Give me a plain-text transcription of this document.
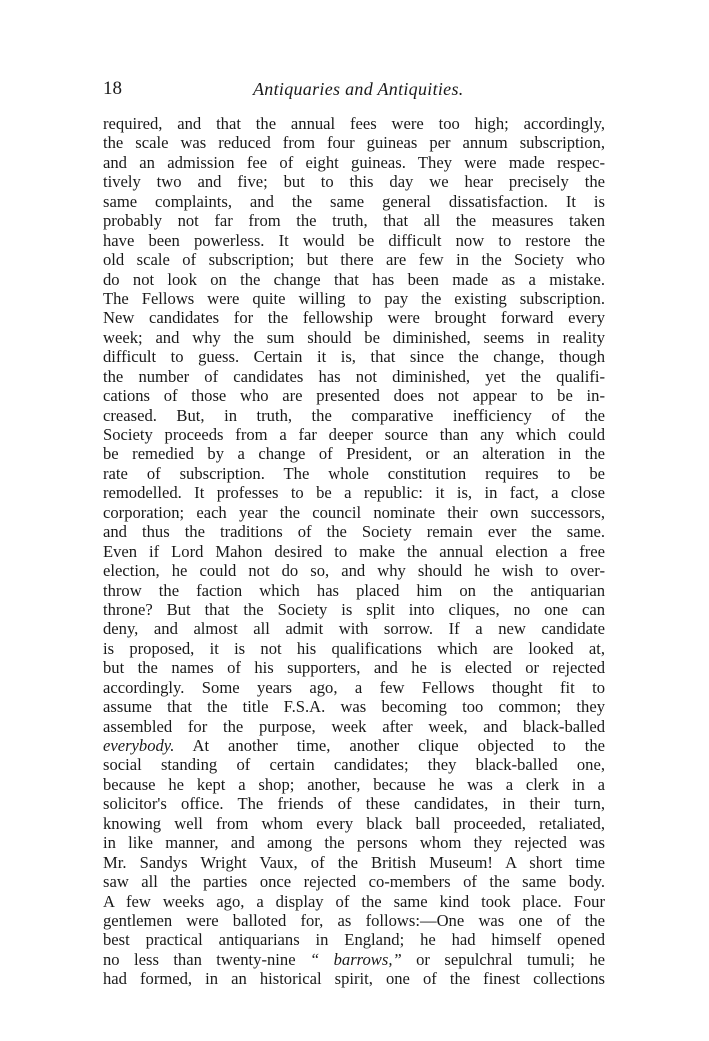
18	Antiquaries and Antiquities.
required, and that the annual fees were too high; accordingly,
the scale was reduced from four guineas per annum subscription,
and an admission fee of eight guineas. They were made respec-
tively two and five; but to this day we hear precisely the
same complaints, and the same general dissatisfaction. It is
probably not far from the truth, that all the measures taken
have been powerless. It would be difficult now to restore the
old scale of subscription; but there are few in the Society who
do not look on the change that has been made as a mistake.
The Fellows were quite willing to pay the existing subscription.
New candidates for the fellowship were brought forward every
week; and why the sum should be diminished, seems in reality
difficult to guess. Certain it is, that since the change, though
the number of candidates has not diminished, yet the qualifi-
cations of those who are presented does not appear to be in-
creased. But, in truth, the comparative inefficiency of the
Society proceeds from a far deeper source than any which could
be remedied by a change of President, or an alteration in the
rate of subscription. The whole constitution requires to be
remodelled. It professes to be a republic: it is, in fact, a close
corporation; each year the council nominate their own successors,
and thus the traditions of the Society remain ever the same.
Even if Lord Mahon desired to make the annual election a free
election, he could not do so, and why should he wish to over-
throw the faction which has placed him on the antiquarian
throne? But that the Society is split into cliques, no one can
deny, and almost all admit with sorrow. If a new candidate
is proposed, it is not his qualifications which are looked at,
but the names of his supporters, and he is elected or rejected
accordingly. Some years ago, a few Fellows thought fit to
assume that the title F.S.A. was becoming too common; they
assembled for the purpose, week after week, and black-balled
everybody. At another time, another clique objected to the
social standing of certain candidates; they black-balled one,
because he kept a shop; another, because he was a clerk in a
solicitor's office. The friends of these candidates, in their turn,
knowing well from whom every black ball proceeded, retaliated,
in like manner, and among the persons whom they rejected was
Mr. Sandys Wright Vaux, of the British Museum! A short time
saw all the parties once rejected co-members of the same body.
A few weeks ago, a display of the same kind took place. Four
gentlemen were balloted for, as follows:—One was one of the
best practical antiquarians in England; he had himself opened
no less than twenty-nine “ barrows,” or sepulchral tumuli; he
had formed, in an historical spirit, one of the finest collections
